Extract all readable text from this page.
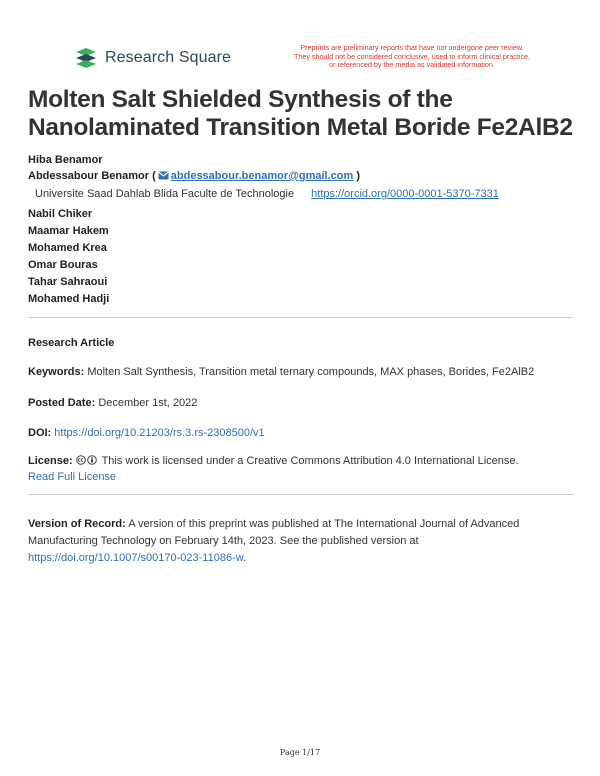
Research Square
Preprints are preliminary reports that have not undergone peer review.
They should not be considered conclusive, used to inform clinical practice,
or referenced by the media as validated information.
Molten Salt Shielded Synthesis of the Nanolaminated Transition Metal Boride Fe2AlB2
Hiba Benamor
Abdessabour Benamor ( abdessabour.benamor@gmail.com )
Universite Saad Dahlab Blida Faculte de Technologie https://orcid.org/0000-0001-5370-7331
Nabil Chiker
Maamar Hakem
Mohamed Krea
Omar Bouras
Tahar Sahraoui
Mohamed Hadji
Research Article
Keywords: Molten Salt Synthesis, Transition metal ternary compounds, MAX phases, Borides, Fe2AlB2
Posted Date: December 1st, 2022
DOI: https://doi.org/10.21203/rs.3.rs-2308500/v1
License:	This work is licensed under a Creative Commons Attribution 4.0 International License.
Read Full License
Version of Record: A version of this preprint was published at The International Journal of Advanced Manufacturing Technology on February 14th, 2023. See the published version at
https://doi.org/10.1007/s00170-023-11086-w.
Page 1/17
